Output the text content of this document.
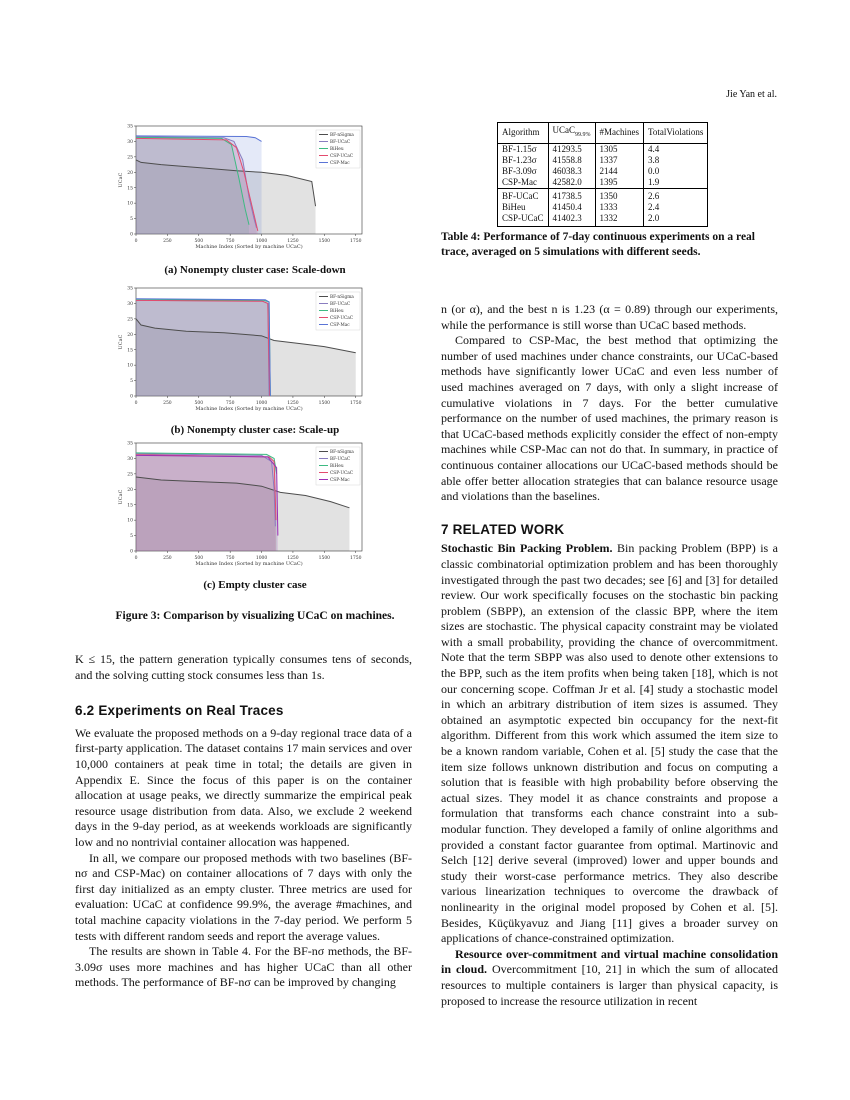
Jie Yan et al.
0	250	500	750	1000	1250	1500	1750
0
5
10
15
20
25
30
35
Machine Index (Sorted by machine UCaC)
UCaC
BF-nSigma
BF-UCaC
BiHeu
CSP-UCaC
CSP-Mac
(a) Nonempty cluster case: Scale-down
0	250	500	750	1000	1250	1500	1750
0
5
10
15
20
25
30
35
Machine Index (Sorted by machine UCaC)
UCaC
BF-nSigma
BF-UCaC
BiHeu
CSP-UCaC
CSP-Mac
(b) Nonempty cluster case: Scale-up
0	250	500	750	1000	1250	1500	1750
0
5
10
15
20
25
30
35
Machine Index (Sorted by machine UCaC)
UCaC
BF-nSigma
BF-UCaC
BiHeu
CSP-UCaC
CSP-Mac
(c) Empty cluster case
Figure 3: Comparison by visualizing UCaC on machines.
Algorithm	UCaC$_{99.9\%}$	#Machines	TotalViolations
BF-1.15σ	41293.5	1305	4.4
BF-1.23σ	41558.8	1337	3.8
BF-3.09σ	46038.3	2144	0.0
CSP-Mac	42582.0	1395	1.9
BF-UCaC	41738.5	1350	2.6
BiHeu	41450.4	1333	2.4
CSP-UCaC	41402.3	1332	2.0
Table 4: Performance of 7-day continuous experiments on a real trace, averaged on 5 simulations with different seeds.

K ≤ 15, the pattern generation typically consumes tens of seconds, and the solving cutting stock consumes less than 1s.

6.2 Experiments on Real Traces

We evaluate the proposed methods on a 9-day regional trace data of a first-party application. The dataset contains 17 main services and over 10,000 containers at peak time in total; the details are given in Appendix E. Since the focus of this paper is on the container allocation at usage peaks, we directly summarize the empirical peak resource usage distribution from data. Also, we exclude 2 weekend days in the 9-day period, as at weekends workloads are significantly low and no nontrivial container allocation was happened.

In all, we compare our proposed methods with two baselines (BF-nσ and CSP-Mac) on container allocations of 7 days with only the first day initialized as an empty cluster. Three metrics are used for evaluation: UCaC at confidence 99.9%, the average #machines, and total machine capacity violations in the 7-day period. We perform 5 tests with different random seeds and report the average values.

The results are shown in Table 4. For the BF-nσ methods, the BF-3.09σ uses more machines and has higher UCaC than all other methods. The performance of BF-nσ can be improved by changing

n (or α), and the best n is 1.23 (α = 0.89) through our experiments, while the performance is still worse than UCaC based methods.

Compared to CSP-Mac, the best method that optimizing the number of used machines under chance constraints, our UCaC-based methods have significantly lower UCaC and even less number of used machines averaged on 7 days, with only a slight increase of cumulative violations in 7 days. For the better cumulative performance on the number of used machines, the primary reason is that UCaC-based methods explicitly consider the effect of non-empty machines while CSP-Mac can not do that. In summary, in practice of continuous container allocations our UCaC-based methods should be able offer better allocation strategies that can balance resource usage and violations than the baselines.

7 RELATED WORK

Stochastic Bin Packing Problem. Bin packing Problem (BPP) is a classic combinatorial optimization problem and has been thoroughly investigated through the past two decades; see [6] and [3] for detailed review. Our work specifically focuses on the stochastic bin packing problem (SBPP), an extension of the classic BPP, where the item sizes are stochastic. The physical capacity constraint may be violated with a small probability, providing the chance of overcommitment. Note that the term SBPP was also used to denote other extensions to the BPP, such as the item profits when being taken [18], which is not our concerning scope. Coffman Jr et al. [4] study a stochastic model in which an arbitrary distribution of item sizes is assumed. They obtained an asymptotic expected bin occupancy for the next-fit algorithm. Different from this work which assumed the item size to be a known random variable, Cohen et al. [5] study the case that the item size follows unknown distribution and focus on computing a solution that is feasible with high probability before observing the actual sizes. They model it as chance constraints and propose a formulation that transforms each chance constraint into a sub-modular function. They developed a family of online algorithms and provided a constant factor guarantee from optimal. Martinovic and Selch [12] derive several (improved) lower and upper bounds and study their worst-case performance metrics. They also describe various linearization techniques to overcome the drawback of nonlinearity in the original model proposed by Cohen et al. [5]. Besides, Küçükyavuz and Jiang [11] gives a broader survey on applications of chance-constrained optimization.

Resource over-commitment and virtual machine consolidation in cloud. Overcommitment [10, 21] in which the sum of allocated resources to multiple containers is larger than physical capacity, is proposed to increase the resource utilization in recent
